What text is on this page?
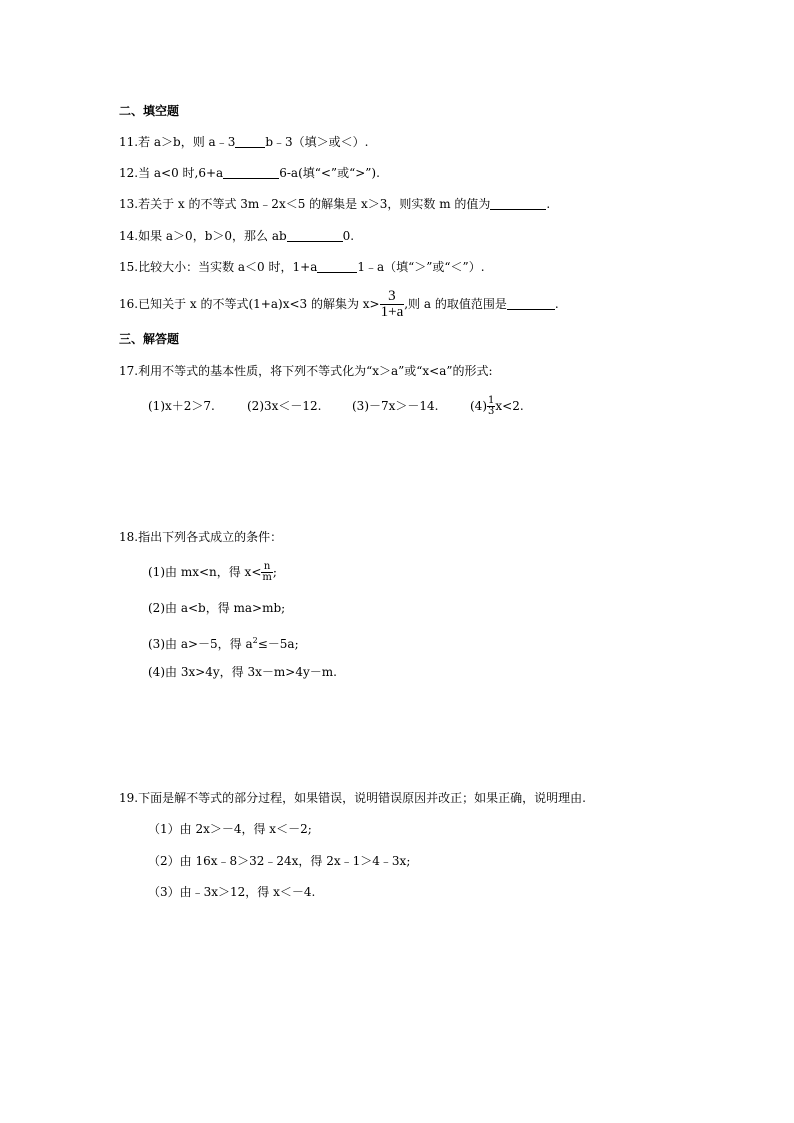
二、填空题
11.若 a＞b，则 a﹣3	b﹣3（填＞或＜）.
12.当 a<0 时,6+a	6-a(填“<”或“>”).
13.若关于 x 的不等式 3m﹣2x＜5 的解集是 x＞3，则实数 m 的值为	.
14.如果 a＞0，b＞0，那么 ab	0.
15.比较大小：当实数 a＜0 时，1+a	1﹣a（填“＞”或“＜”）.
16.已知关于 x 的不等式(1+a)x<3 的解集为 $x> \frac{3}{1+a}$ ,则 a 的取值范围是	.
三、解答题
17.利用不等式的基本性质，将下列不等式化为“x＞a”或“x<a”的形式:
(1)x＋2＞7.	(2)3x＜－12.	(3)－7x＞－14.	$(4) \frac{1}{3} x<2$.
18.指出下列各式成立的条件：
(1)由 mx<n，得 $x< \frac{n}{m}$ ;
(2)由 a<b，得 ma>mb;
(3)由 a>－5，得 $a^2\le-5a$;
(4)由 3x>4y，得 3x－m>4y－m.
19.下面是解不等式的部分过程，如果错误，说明错误原因并改正；如果正确，说明理由.
（1）由 2x＞－4，得 x＜－2;
（2）由 16x﹣8＞32﹣24x，得 2x﹣1＞4﹣3x;
（3）由﹣3x＞12，得 x＜－4.
